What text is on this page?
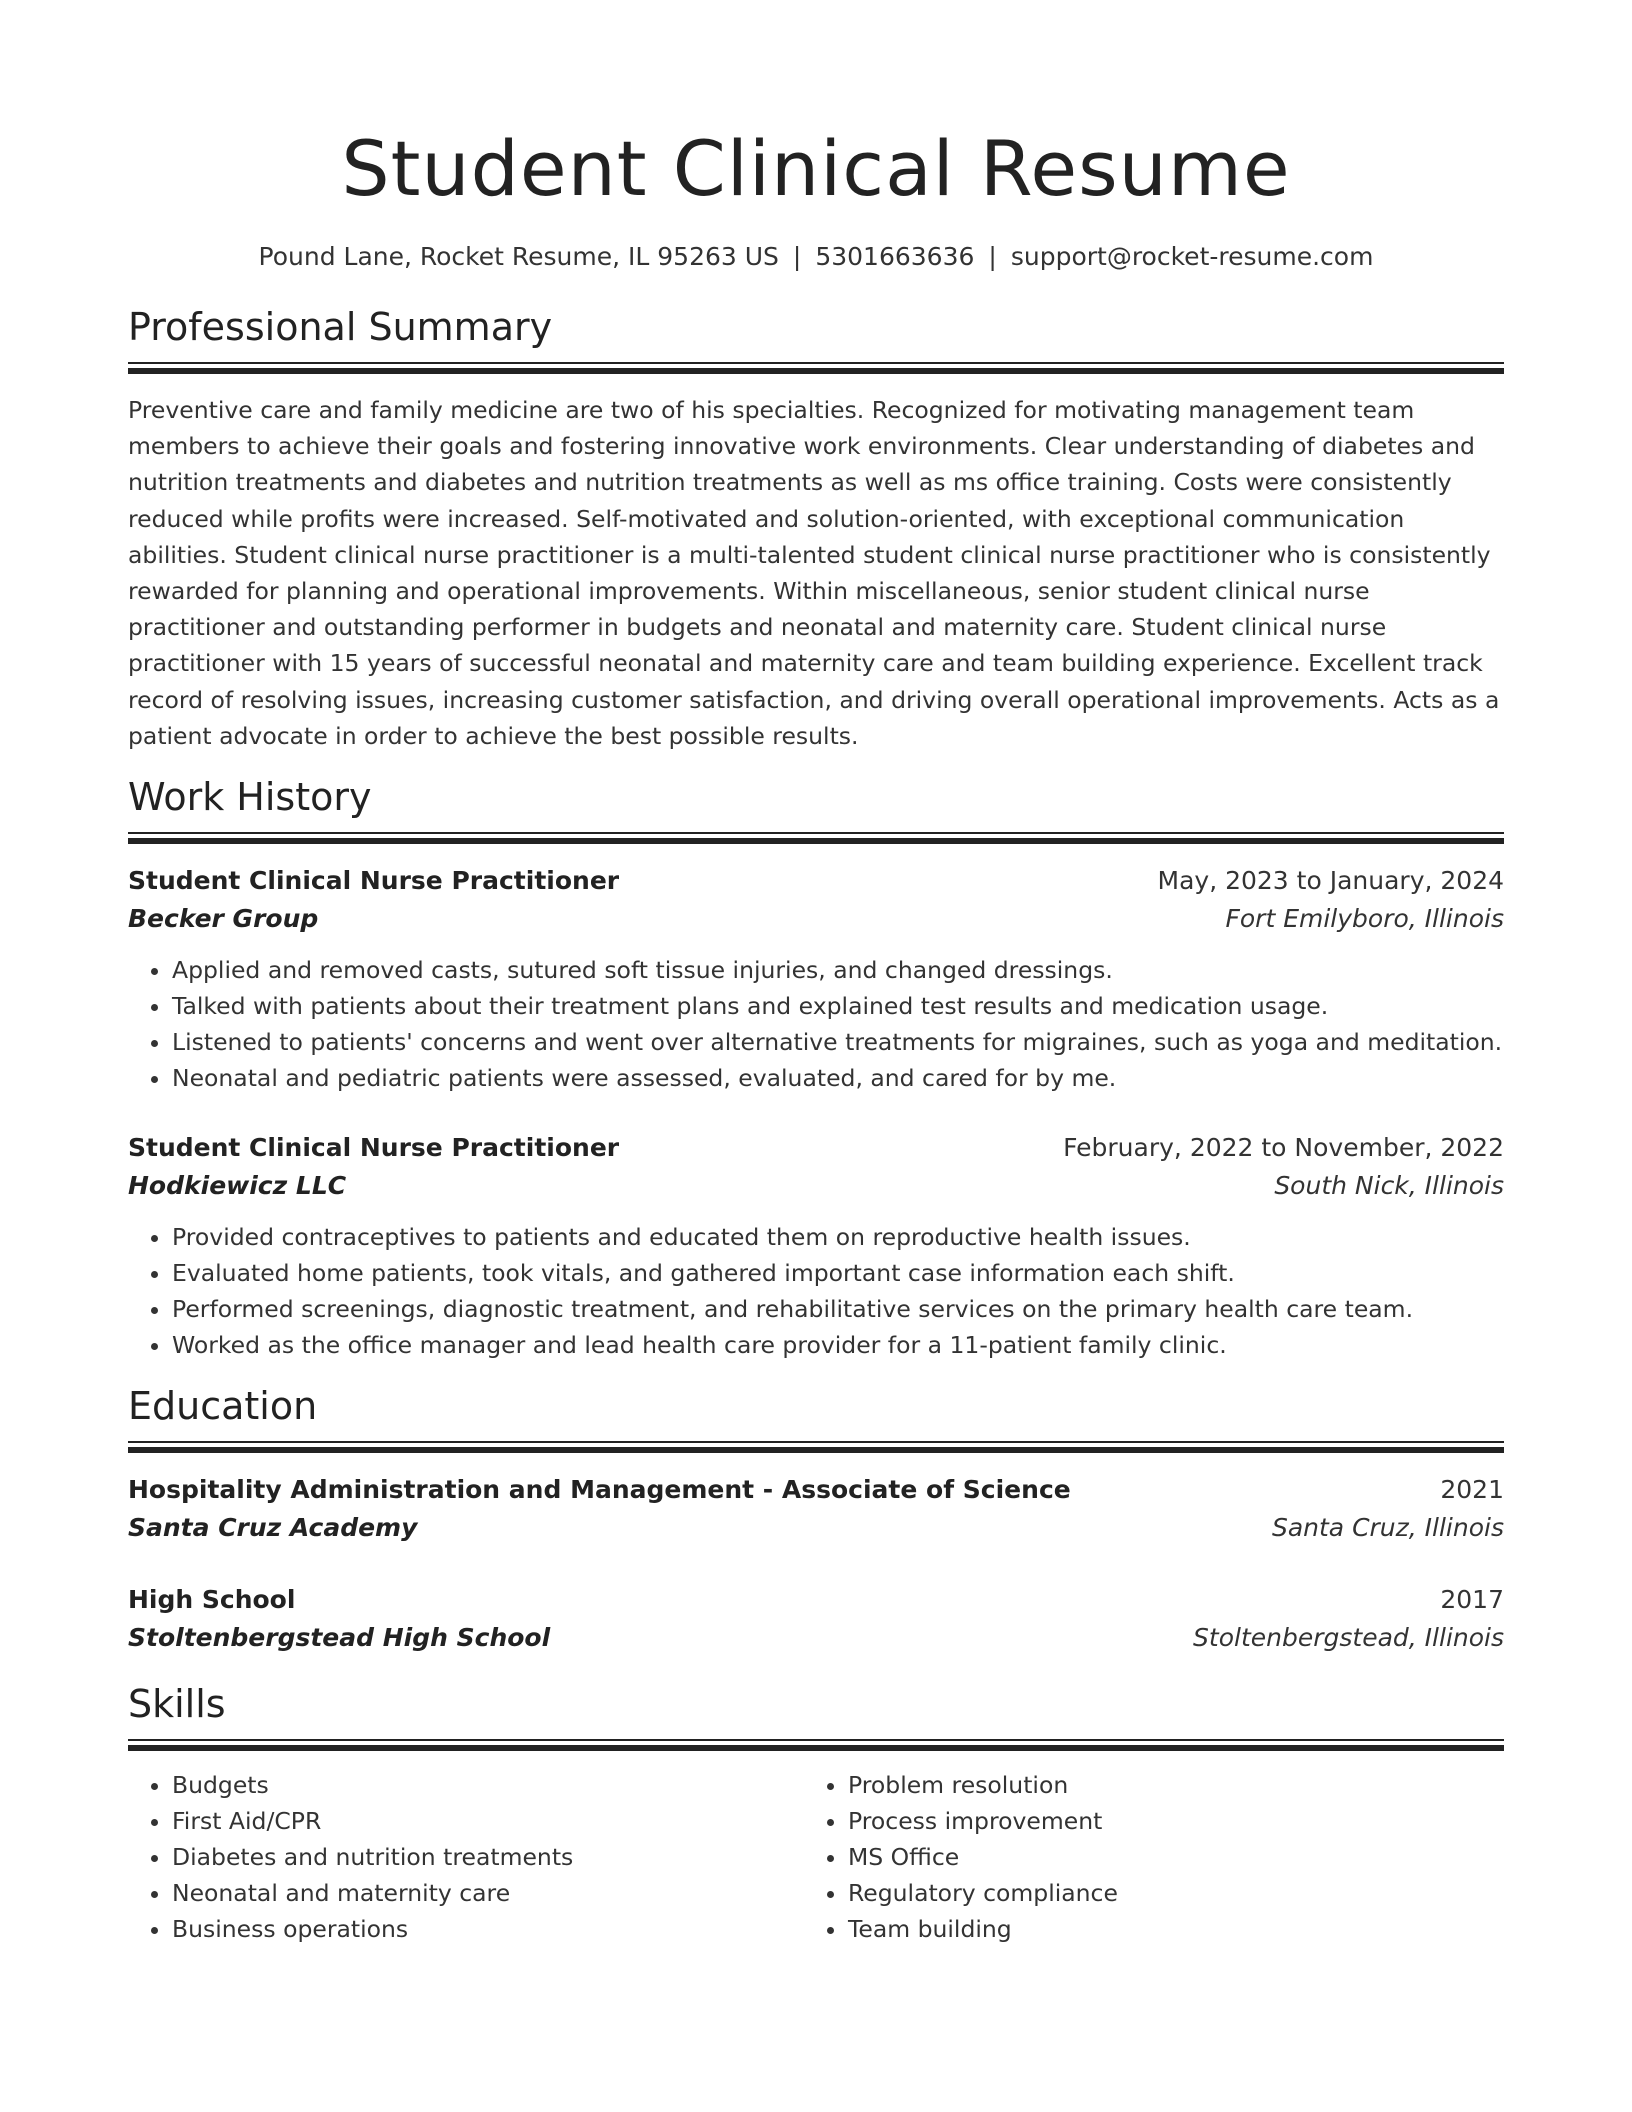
Student Clinical Resume
Pound Lane, Rocket Resume, IL 95263 US | 5301663636 | support@rocket-resume.com
Professional Summary

Preventive care and family medicine are two of his specialties. Recognized for motivating management team members to achieve their goals and fostering innovative work environments. Clear understanding of diabetes and nutrition treatments and diabetes and nutrition treatments as well as ms office training. Costs were consistently reduced while profits were increased. Self-motivated and solution-oriented, with exceptional communication abilities. Student clinical nurse practitioner is a multi-talented student clinical nurse practitioner who is consistently rewarded for planning and operational improvements. Within miscellaneous, senior student clinical nurse practitioner and outstanding performer in budgets and neonatal and maternity care. Student clinical nurse practitioner with 15 years of successful neonatal and maternity care and team building experience. Excellent track record of resolving issues, increasing customer satisfaction, and driving overall operational improvements. Acts as a patient advocate in order to achieve the best possible results.

Work History
Student Clinical Nurse Practitioner	May, 2023 to January, 2024
Becker Group	Fort Emilyboro, Illinois
• Applied and removed casts, sutured soft tissue injuries, and changed dressings.
• Talked with patients about their treatment plans and explained test results and medication usage.
• Listened to patients' concerns and went over alternative treatments for migraines, such as yoga and meditation.
• Neonatal and pediatric patients were assessed, evaluated, and cared for by me.
Student Clinical Nurse Practitioner	February, 2022 to November, 2022
Hodkiewicz LLC	South Nick, Illinois
• Provided contraceptives to patients and educated them on reproductive health issues.
• Evaluated home patients, took vitals, and gathered important case information each shift.
• Performed screenings, diagnostic treatment, and rehabilitative services on the primary health care team.
• Worked as the office manager and lead health care provider for a 11-patient family clinic.
Education
Hospitality Administration and Management - Associate of Science	2021
Santa Cruz Academy	Santa Cruz, Illinois
High School	2017
Stoltenbergstead High School	Stoltenbergstead, Illinois
Skills
• Budgets
• First Aid/CPR
• Diabetes and nutrition treatments
• Neonatal and maternity care
• Business operations
• Problem resolution
• Process improvement
• MS Office
• Regulatory compliance
• Team building
